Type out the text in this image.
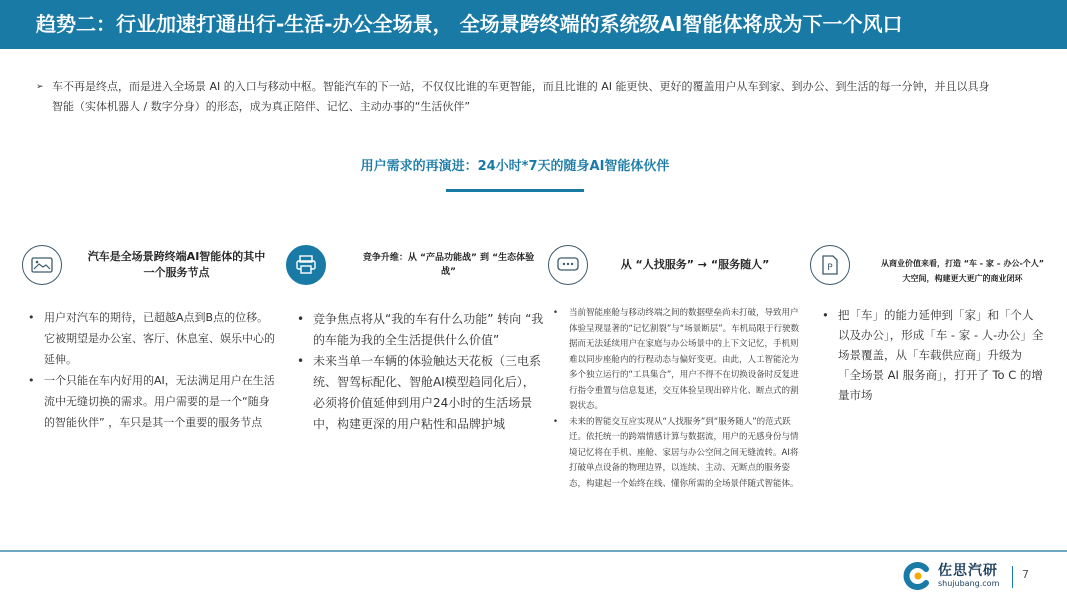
趋势二：行业加速打通出行-生活-办公全场景， 全场景跨终端的系统级AI智能体将成为下一个风口
➢ 车不再是终点，而是进入全场景 AI 的入口与移动中枢。智能汽车的下一站，不仅仅比谁的车更智能，而且比谁的 AI 能更快、更好的覆盖用户从车到家、到办公、到生活的每一分钟，并且以具身智能（实体机器人 / 数字分身）的形态，成为真正陪伴、记忆、主动办事的“生活伙伴”
用户需求的再演进：24小时*7天的随身AI智能体伙伴
汽车是全场景跨终端AI智能体的其中一个服务节点
• 用户对汽车的期待，已超越A点到B点的位移。它被期望是办公室、客厅、休息室、娱乐中心的延伸。
• 一个只能在车内好用的AI，无法满足用户在生活流中无缝切换的需求。用户需要的是一个“随身的智能伙伴” ，车只是其一个重要的服务节点
竞争升维：从 “产品功能战” 到 “生态体验战”
• 竞争焦点将从“我的车有什么功能” 转向 “我的车能为我的全生活提供什么价值”
• 未来当单一车辆的体验触达天花板（三电系统、智驾标配化、智舱AI模型趋同化后）， 必须将价值延伸到用户24小时的生活场景中，构建更深的用户粘性和品牌护城
从 “人找服务” → “服务随人”
• 当前智能座舱与移动终端之间的数据壁垒尚未打破，导致用户体验呈现显著的“记忆割裂”与“场景断层”。车机局限于行驶数据而无法延续用户在家庭与办公场景中的上下文记忆，手机则难以同步座舱内的行程动态与偏好变更。由此，人工智能沦为多个独立运行的“工具集合”，用户不得不在切换设备时反复进行指令重置与信息复述，交互体验呈现出碎片化、断点式的割裂状态。
• 未来的智能交互应实现从“人找服务”到“服务随人”的范式跃迁。依托统一的跨端情感计算与数据流，用户的无感身份与情境记忆将在手机、座舱、家居与办公空间之间无缝流转。AI将打破单点设备的物理边界，以连续、主动、无断点的服务姿态，构建起一个始终在线、懂你所需的全场景伴随式智能体。
P	从商业价值来看，打造 “车 - 家 – 办公-个人”
大空间，构建更大更广的商业闭环
• 把「车」的能力延伸到「家」和「个人以及办公」，形成「车 - 家 - 人-办公」全场景覆盖，从「车载供应商」升级为「全场景 AI 服务商」，打开了 To C 的增量市场
佐思汽研
shujubang.com
7
